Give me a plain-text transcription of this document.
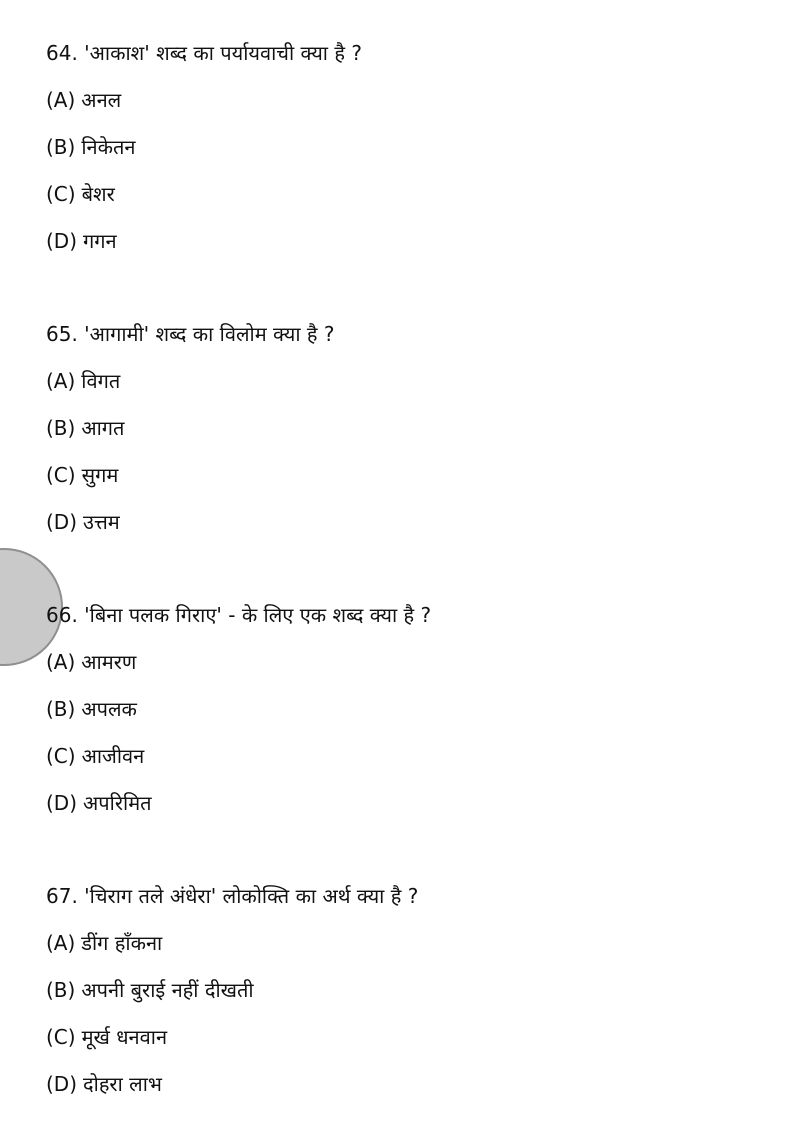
64. 'आकाश' शब्द का पर्यायवाची क्या है ?
(A) अनल
(B) निकेतन
(C) बेशर
(D) गगन
65. 'आगामी' शब्द का विलोम क्या है ?
(A) विगत
(B) आगत
(C) सुगम
(D) उत्तम
66. 'बिना पलक गिराए' - के लिए एक शब्द क्या है ?
(A) आमरण
(B) अपलक
(C) आजीवन
(D) अपरिमित
67. 'चिराग तले अंधेरा' लोकोक्ति का अर्थ क्या है ?
(A) डींग हाँकना
(B) अपनी बुराई नहीं दीखती
(C) मूर्ख धनवान
(D) दोहरा लाभ
